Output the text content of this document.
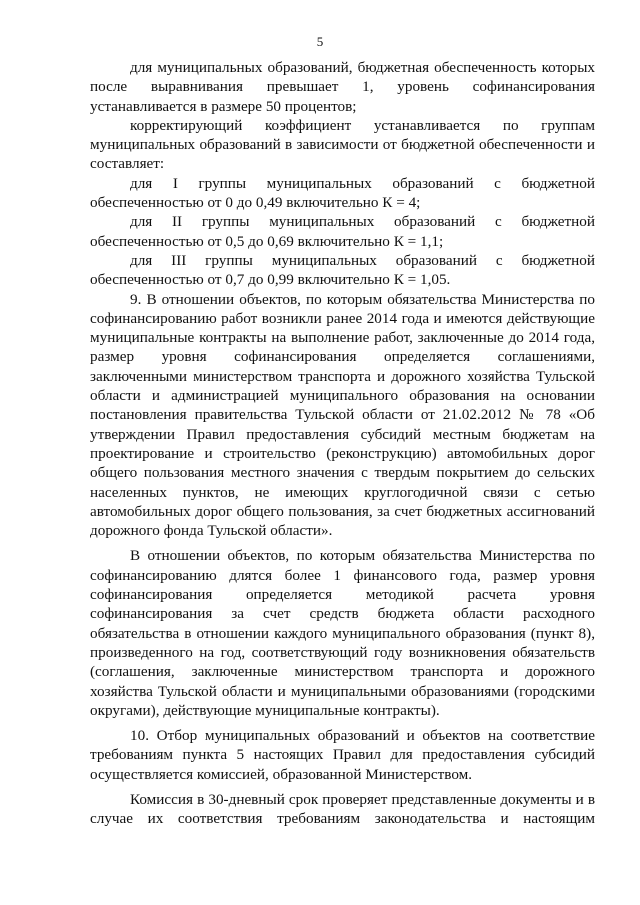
5
для муниципальных образований, бюджетная обеспеченность которых
после выравнивания превышает 1, уровень софинансирования
устанавливается в размере 50 процентов;
корректирующий коэффициент устанавливается по группам
муниципальных образований в зависимости от бюджетной обеспеченности и
составляет:
для I группы муниципальных образований с бюджетной
обеспеченностью от 0 до 0,49 включительно К = 4;
для II группы муниципальных образований с бюджетной
обеспеченностью от 0,5 до 0,69 включительно К = 1,1;
для III группы муниципальных образований с бюджетной
обеспеченностью от 0,7 до 0,99 включительно К = 1,05.
9. В отношении объектов, по которым обязательства Министерства по
софинансированию работ возникли ранее 2014 года и имеются действующие
муниципальные контракты на выполнение работ, заключенные до 2014 года,
размер уровня софинансирования определяется соглашениями,
заключенными министерством транспорта и дорожного хозяйства Тульской
области и администрацией муниципального образования на основании
постановления правительства Тульской области от 21.02.2012 № 78 «Об
утверждении Правил предоставления субсидий местным бюджетам на
проектирование и строительство (реконструкцию) автомобильных дорог
общего пользования местного значения с твердым покрытием до сельских
населенных пунктов, не имеющих круглогодичной связи с сетью
автомобильных дорог общего пользования, за счет бюджетных ассигнований
дорожного фонда Тульской области».
В отношении объектов, по которым обязательства Министерства по
софинансированию длятся более 1 финансового года, размер уровня
софинансирования определяется методикой расчета уровня
софинансирования за счет средств бюджета области расходного
обязательства в отношении каждого муниципального образования (пункт 8),
произведенного на год, соответствующий году возникновения обязательств
(соглашения, заключенные министерством транспорта и дорожного
хозяйства Тульской области и муниципальными образованиями (городскими
округами), действующие муниципальные контракты).
10. Отбор муниципальных образований и объектов на соответствие
требованиям пункта 5 настоящих Правил для предоставления субсидий
осуществляется комиссией, образованной Министерством.
Комиссия в 30-дневный срок проверяет представленные документы и в
случае их соответствия требованиям законодательства и настоящим
